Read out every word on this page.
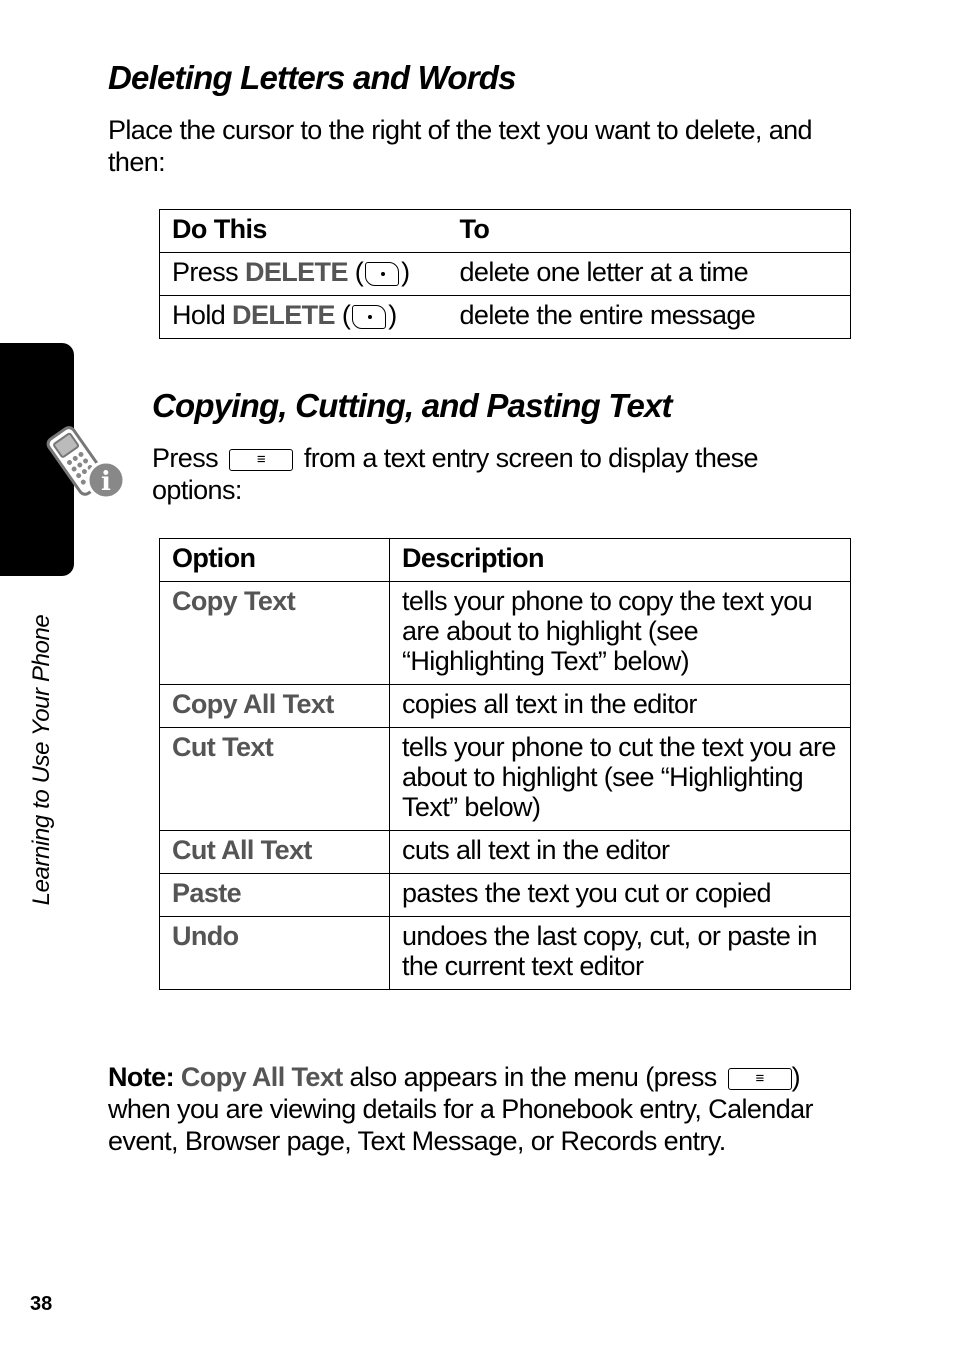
i
Learning to Use Your Phone
Deleting Letters and Words

Place the cursor to the right of the text you want to delete, and then:

Do This	To
Press DELETE ( )	delete one letter at a time
Hold DELETE ( )	delete the entire message
Copying, Cutting, and Pasting Text

Press ≡	from a text entry screen to display these options:

Option	Description
Copy Text	tells your phone to copy the text you are about to highlight (see “Highlighting Text” below)
Copy All Text	copies all text in the editor
Cut Text	tells your phone to cut the text you are about to highlight (see “Highlighting Text” below)
Cut All Text	cuts all text in the editor
Paste	pastes the text you cut or copied
Undo	undoes the last copy, cut, or paste in the current text editor

Note: Copy All Text also appears in the menu (press ≡	) when you are viewing details for a Phonebook entry, Calendar event, Browser page, Text Message, or Records entry.

38
